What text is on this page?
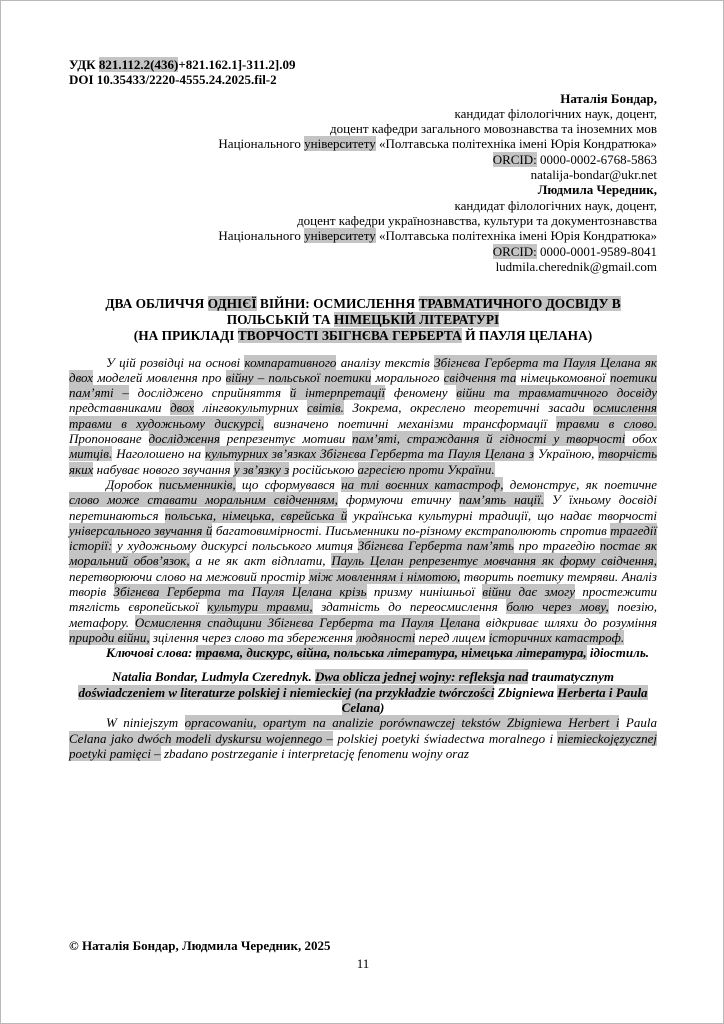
УДК 821.112.2(436)+821.162.1]-311.2].09

DOI 10.35433/2220-4555.24.2025.fil-2

Наталія Бондар,

кандидат філологічних наук, доцент,

доцент кафедри загального мовознавства та іноземних мов

Національного університету «Полтавська політехніка імені Юрія Кондратюка»

ORCID: 0000-0002-6768-5863

natalija-bondar@ukr.net

Людмила Чередник,

кандидат філологічних наук, доцент,

доцент кафедри українознавства, культури та документознавства

Національного університету «Полтавська політехніка імені Юрія Кондратюка»

ORCID: 0000-0001-9589-8041

ludmila.cherednik@gmail.com

ДВА ОБЛИЧЧЯ ОДНІЄЇ ВІЙНИ: ОСМИСЛЕННЯ ТРАВМАТИЧНОГО ДОСВІДУ В ПОЛЬСЬКІЙ ТА НІМЕЦЬКІЙ ЛІТЕРАТУРІ
(НА ПРИКЛАДІ ТВОРЧОСТІ ЗБІГНЄВА ГЕРБЕРТА Й ПАУЛЯ ЦЕЛАНА)

У цій розвідці на основі компаративного аналізу текстів Збігнєва Герберта та Пауля Целана як двох моделей мовлення про війну – польської поетики морального свідчення та німецькомовної поетики пам’яті – досліджено сприйняття й інтерпретації феномену війни та травматичного досвіду представниками двох лінгвокультурних світів. Зокрема, окреслено теоретичні засади осмислення травми в художньому дискурсі, визначено поетичні механізми трансформації травми в слово. Пропоноване дослідження репрезентує мотиви пам’яті, страждання й гідності у творчості обох митців. Наголошено на культурних зв’язках Збігнєва Герберта та Пауля Целана з Україною, творчість яких набуває нового звучання у зв’язку з російською агресією проти України.

Доробок письменників, що сформувався на тлі воєнних катастроф, демонструє, як поетичне слово може ставати моральним свідченням, формуючи етичну пам’ять нації. У їхньому досвіді перетинаються польська, німецька, єврейська й українська культурні традиції, що надає творчості універсального звучання й багатовимірності. Письменники по-різному екстраполюють спротив трагедії історії: у художньому дискурсі польського митця Збігнєва Герберта пам’ять про трагедію постає як моральний обов’язок, а не як акт відплати, Пауль Целан репрезентує мовчання як форму свідчення, перетворюючи слово на межовий простір між мовленням і німотою, творить поетику темряви. Аналіз творів Збігнєва Герберта та Пауля Целана крізь призму нинішньої війни дає змогу простежити тяглість європейської культури травми, здатність до переосмислення болю через мову, поезію, метафору. Осмислення спадщини Збігнєва Герберта та Пауля Целана відкриває шляхи до розуміння природи війни, зцілення через слово та збереження людяності перед лицем історичних катастроф.

Ключові слова: травма, дискурс, війна, польська література, німецька література, ідіостиль.

Natalia Bondar, Ludmyla Czerednyk. Dwa oblicza jednej wojny: refleksja nad traumatycznym doświadczeniem w literaturze polskiej i niemieckiej (na przykładzie twórczości Zbigniewa Herberta i Paula Celana)

W niniejszym opracowaniu, opartym na analizie porównawczej tekstów Zbigniewa Herbert i Paula Celana jako dwóch modeli dyskursu wojennego – polskiej poetyki świadectwa moralnego i niemieckojęzycznej poetyki pamięci – zbadano postrzeganie i interpretację fenomenu wojny oraz

© Наталія Бондар, Людмила Чередник, 2025

11
